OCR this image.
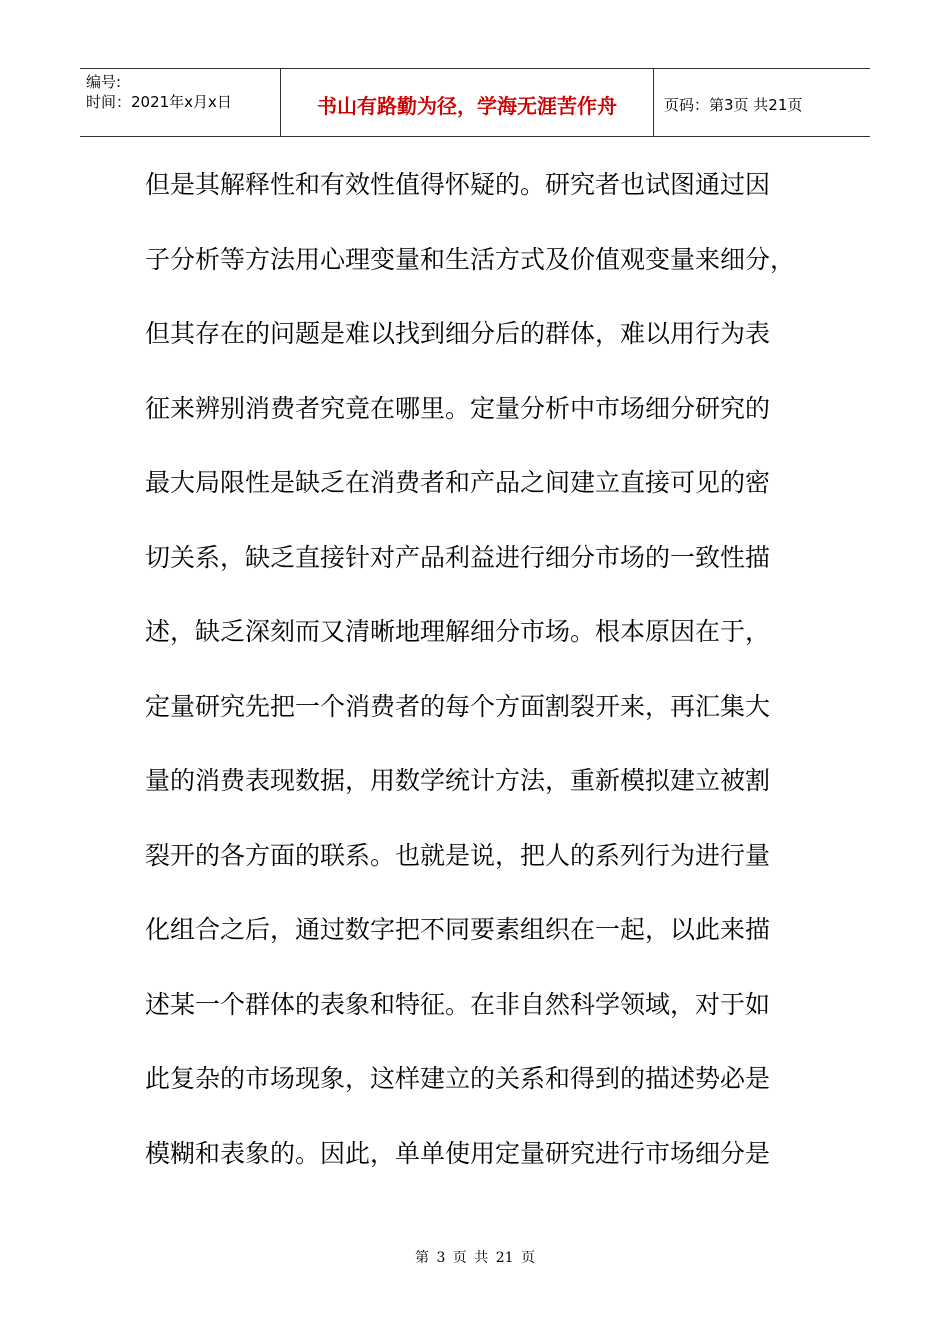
编号:
时间：2021年x月x日	书山有路勤为径，学海无涯苦作舟	页码：第3页 共21页
但是其解释性和有效性值得怀疑的。研究者也试图通过因
子分析等方法用心理变量和生活方式及价值观变量来细分，
但其存在的问题是难以找到细分后的群体，难以用行为表
征来辨别消费者究竟在哪里。定量分析中市场细分研究的
最大局限性是缺乏在消费者和产品之间建立直接可见的密
切关系，缺乏直接针对产品利益进行细分市场的一致性描
述，缺乏深刻而又清晰地理解细分市场。根本原因在于，
定量研究先把一个消费者的每个方面割裂开来，再汇集大
量的消费表现数据，用数学统计方法，重新模拟建立被割
裂开的各方面的联系。也就是说，把人的系列行为进行量
化组合之后，通过数字把不同要素组织在一起，以此来描
述某一个群体的表象和特征。在非自然科学领域，对于如
此复杂的市场现象，这样建立的关系和得到的描述势必是
模糊和表象的。因此，单单使用定量研究进行市场细分是
第 3 页 共 21 页
